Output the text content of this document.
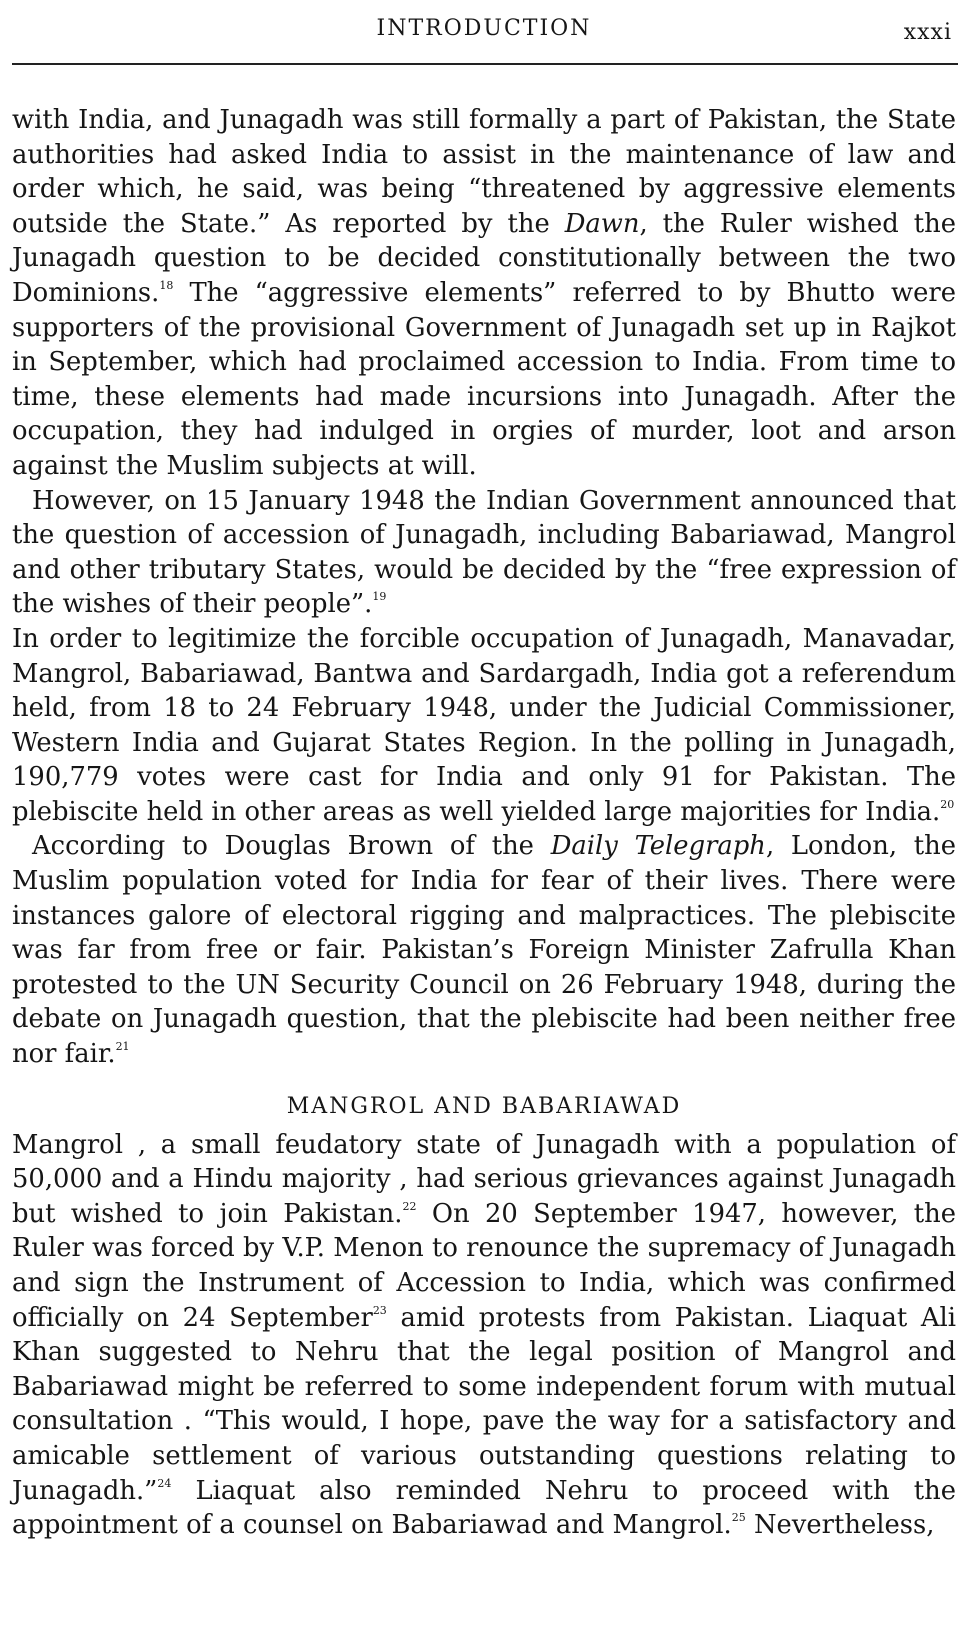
INTRODUCTION	xxxi

with India, and Junagadh was still formally a part of Pakistan, the State authorities had asked India to assist in the maintenance of law and order which, he said, was being “threatened by aggressive elements outside the State.” As reported by the Dawn, the Ruler wished the Junagadh question to be decided constitutionally between the two Dominions.$^{18}$ The “aggressive elements” referred to by Bhutto were supporters of the provisional Government of Junagadh set up in Rajkot in September, which had proclaimed accession to India. From time to time, these elements had made incursions into Junagadh. After the occupation, they had indulged in orgies of murder, loot and arson against the Muslim subjects at will.

However, on 15 January 1948 the Indian Government announced that the question of accession of Junagadh, including Babariawad, Mangrol and other tributary States, would be decided by the “free expression of the wishes of their people”.$^{19}$

In order to legitimize the forcible occupation of Junagadh, Manavadar, Mangrol, Babariawad, Bantwa and Sardargadh, India got a referendum held, from 18 to 24 February 1948, under the Judicial Commissioner, Western India and Gujarat States Region. In the polling in Junagadh, 190,779 votes were cast for India and only 91 for Pakistan. The plebiscite held in other areas as well yielded large majorities for India.$^{20}$

According to Douglas Brown of the Daily Telegraph, London, the Muslim population voted for India for fear of their lives. There were instances galore of electoral rigging and malpractices. The plebiscite was far from free or fair. Pakistan’s Foreign Minister Zafrulla Khan protested to the UN Security Council on 26 February 1948, during the debate on Junagadh question, that the plebiscite had been neither free nor fair.$^{21}$

MANGROL AND BABARIAWAD

Mangrol , a small feudatory state of Junagadh with a population of 50,000 and a Hindu majority , had serious grievances against Junagadh but wished to join Pakistan.$^{22}$ On 20 September 1947, however, the Ruler was forced by V.P. Menon to renounce the supremacy of Junagadh and sign the Instrument of Accession to India, which was confirmed officially on 24 September$^{23}$ amid protests from Pakistan. Liaquat Ali Khan suggested to Nehru that the legal position of Mangrol and Babariawad might be referred to some independent forum with mutual consultation . “This would, I hope, pave the way for a satisfactory and amicable settlement of various outstanding questions relating to Junagadh.”$^{24}$ Liaquat also reminded Nehru to proceed with the appointment of a counsel on Babariawad and Mangrol.$^{25}$ Nevertheless,
